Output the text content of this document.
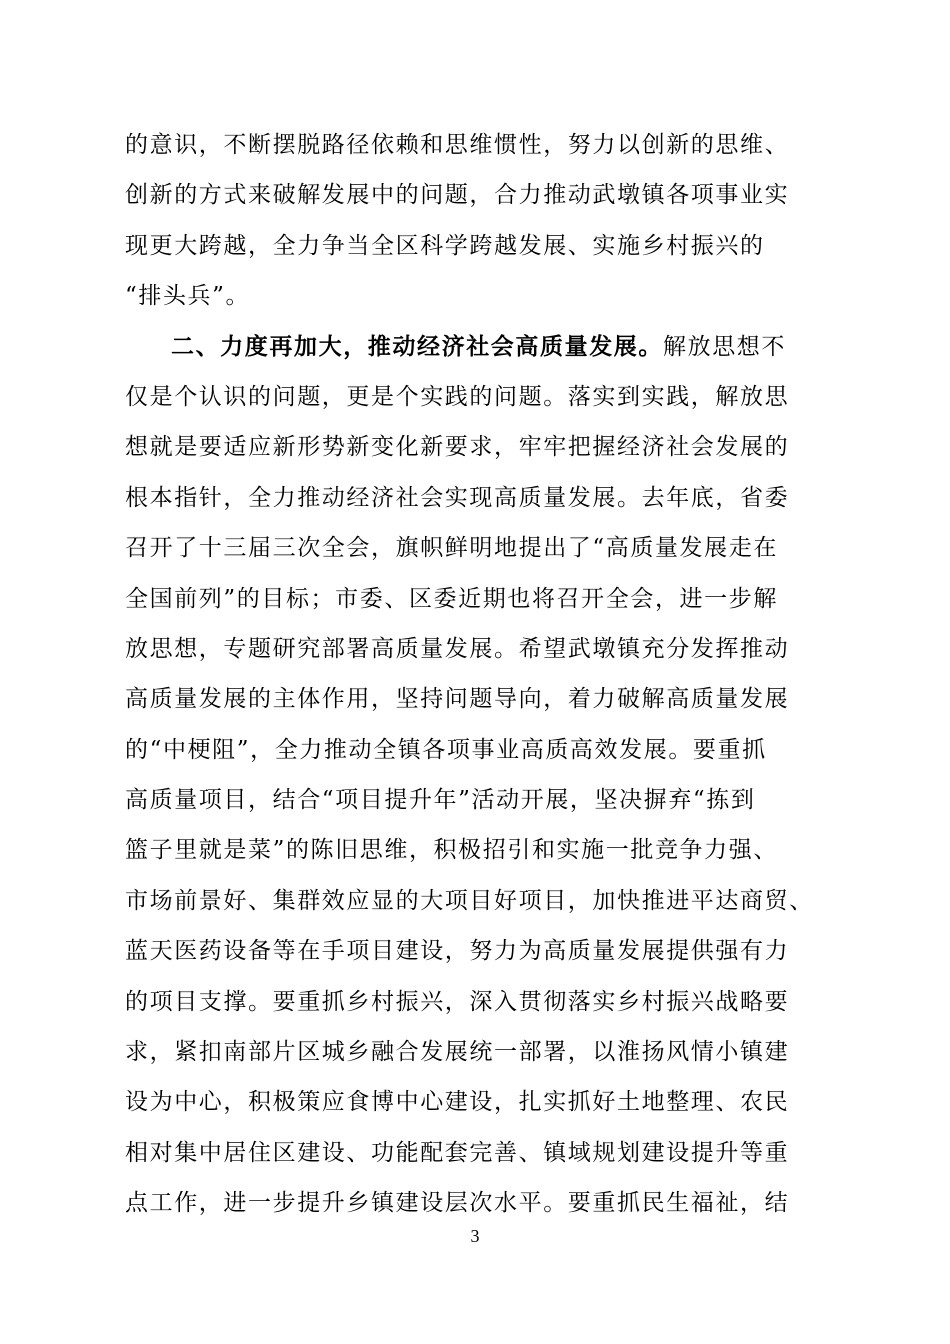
的意识，不断摆脱路径依赖和思维惯性，努力以创新的思维、
创新的方式来破解发展中的问题，合力推动武墩镇各项事业实
现更大跨越，全力争当全区科学跨越发展、实施乡村振兴的
“排头兵”。
二、力度再加大，推动经济社会高质量发展。解放思想不
仅是个认识的问题，更是个实践的问题。落实到实践，解放思
想就是要适应新形势新变化新要求，牢牢把握经济社会发展的
根本指针，全力推动经济社会实现高质量发展。去年底，省委
召开了十三届三次全会，旗帜鲜明地提出了“高质量发展走在
全国前列”的目标；市委、区委近期也将召开全会，进一步解
放思想，专题研究部署高质量发展。希望武墩镇充分发挥推动
高质量发展的主体作用，坚持问题导向，着力破解高质量发展
的“中梗阻”，全力推动全镇各项事业高质高效发展。要重抓
高质量项目，结合“项目提升年”活动开展，坚决摒弃“拣到
篮子里就是菜”的陈旧思维，积极招引和实施一批竞争力强、
市场前景好、集群效应显的大项目好项目，加快推进平达商贸、
蓝天医药设备等在手项目建设，努力为高质量发展提供强有力
的项目支撑。要重抓乡村振兴，深入贯彻落实乡村振兴战略要
求，紧扣南部片区城乡融合发展统一部署，以淮扬风情小镇建
设为中心，积极策应食博中心建设，扎实抓好土地整理、农民
相对集中居住区建设、功能配套完善、镇域规划建设提升等重
点工作，进一步提升乡镇建设层次水平。要重抓民生福祉，结
3
